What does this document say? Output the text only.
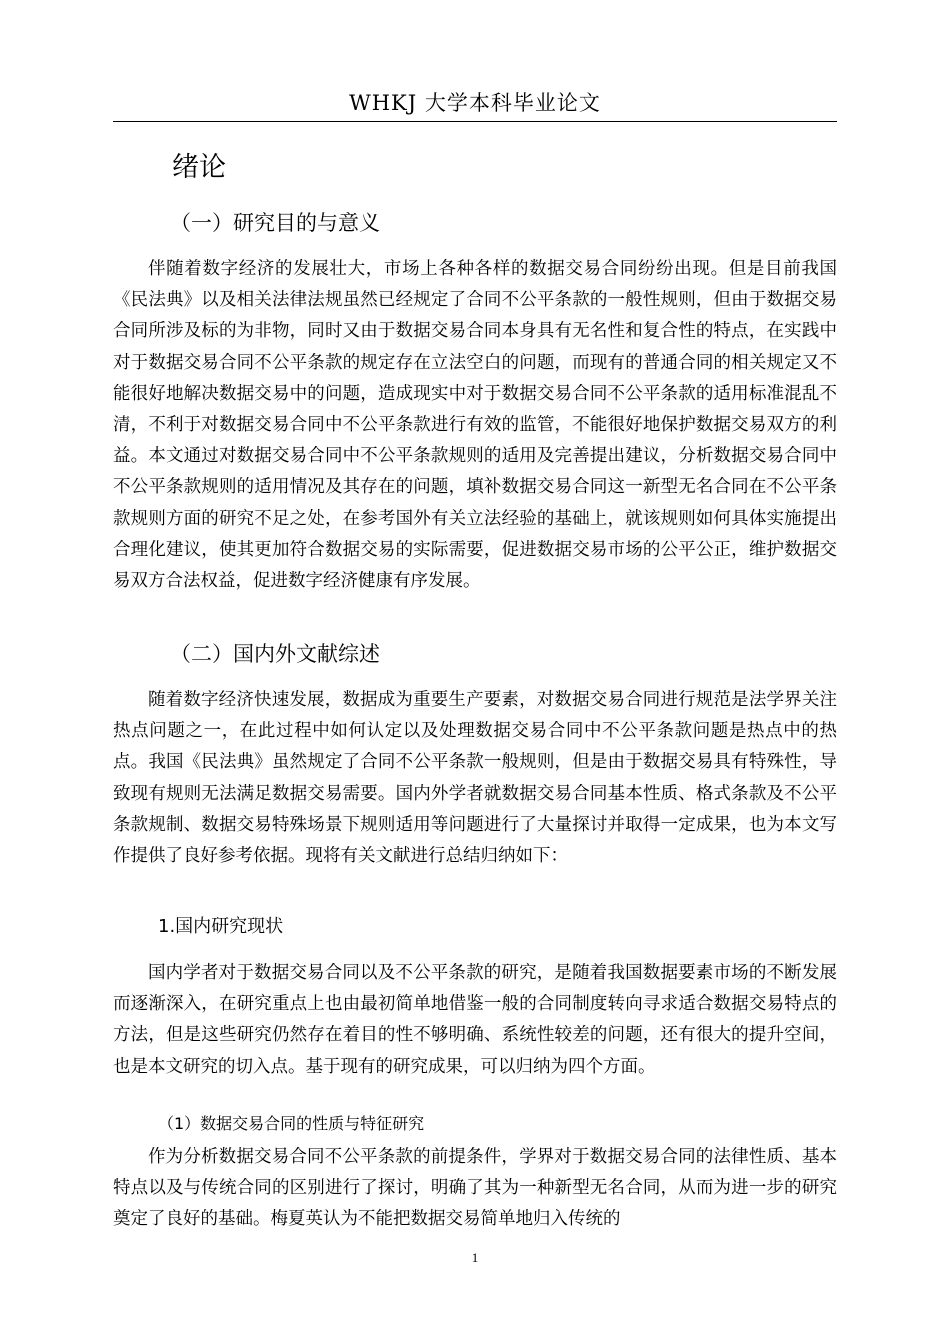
WHKJ 大学本科毕业论文
绪论
（一）研究目的与意义

伴随着数字经济的发展壮大，市场上各种各样的数据交易合同纷纷出现。但是目前我国《民法典》以及相关法律法规虽然已经规定了合同不公平条款的一般性规则，但由于数据交易合同所涉及标的为非物，同时又由于数据交易合同本身具有无名性和复合性的特点，在实践中对于数据交易合同不公平条款的规定存在立法空白的问题，而现有的普通合同的相关规定又不能很好地解决数据交易中的问题，造成现实中对于数据交易合同不公平条款的适用标准混乱不清，不利于对数据交易合同中不公平条款进行有效的监管，不能很好地保护数据交易双方的利益。本文通过对数据交易合同中不公平条款规则的适用及完善提出建议，分析数据交易合同中不公平条款规则的适用情况及其存在的问题，填补数据交易合同这一新型无名合同在不公平条款规则方面的研究不足之处，在参考国外有关立法经验的基础上，就该规则如何具体实施提出合理化建议，使其更加符合数据交易的实际需要，促进数据交易市场的公平公正，维护数据交易双方合法权益，促进数字经济健康有序发展。

（二）国内外文献综述

随着数字经济快速发展，数据成为重要生产要素，对数据交易合同进行规范是法学界关注热点问题之一，在此过程中如何认定以及处理数据交易合同中不公平条款问题是热点中的热点。我国《民法典》虽然规定了合同不公平条款一般规则，但是由于数据交易具有特殊性，导致现有规则无法满足数据交易需要。国内外学者就数据交易合同基本性质、格式条款及不公平条款规制、数据交易特殊场景下规则适用等问题进行了大量探讨并取得一定成果，也为本文写作提供了良好参考依据。现将有关文献进行总结归纳如下：

1.国内研究现状

国内学者对于数据交易合同以及不公平条款的研究，是随着我国数据要素市场的不断发展而逐渐深入，在研究重点上也由最初简单地借鉴一般的合同制度转向寻求适合数据交易特点的方法，但是这些研究仍然存在着目的性不够明确、系统性较差的问题，还有很大的提升空间，也是本文研究的切入点。基于现有的研究成果，可以归纳为四个方面。

（1）数据交易合同的性质与特征研究

作为分析数据交易合同不公平条款的前提条件，学界对于数据交易合同的法律性质、基本特点以及与传统合同的区别进行了探讨，明确了其为一种新型无名合同，从而为进一步的研究奠定了良好的基础。梅夏英认为不能把数据交易简单地归入传统的

1
